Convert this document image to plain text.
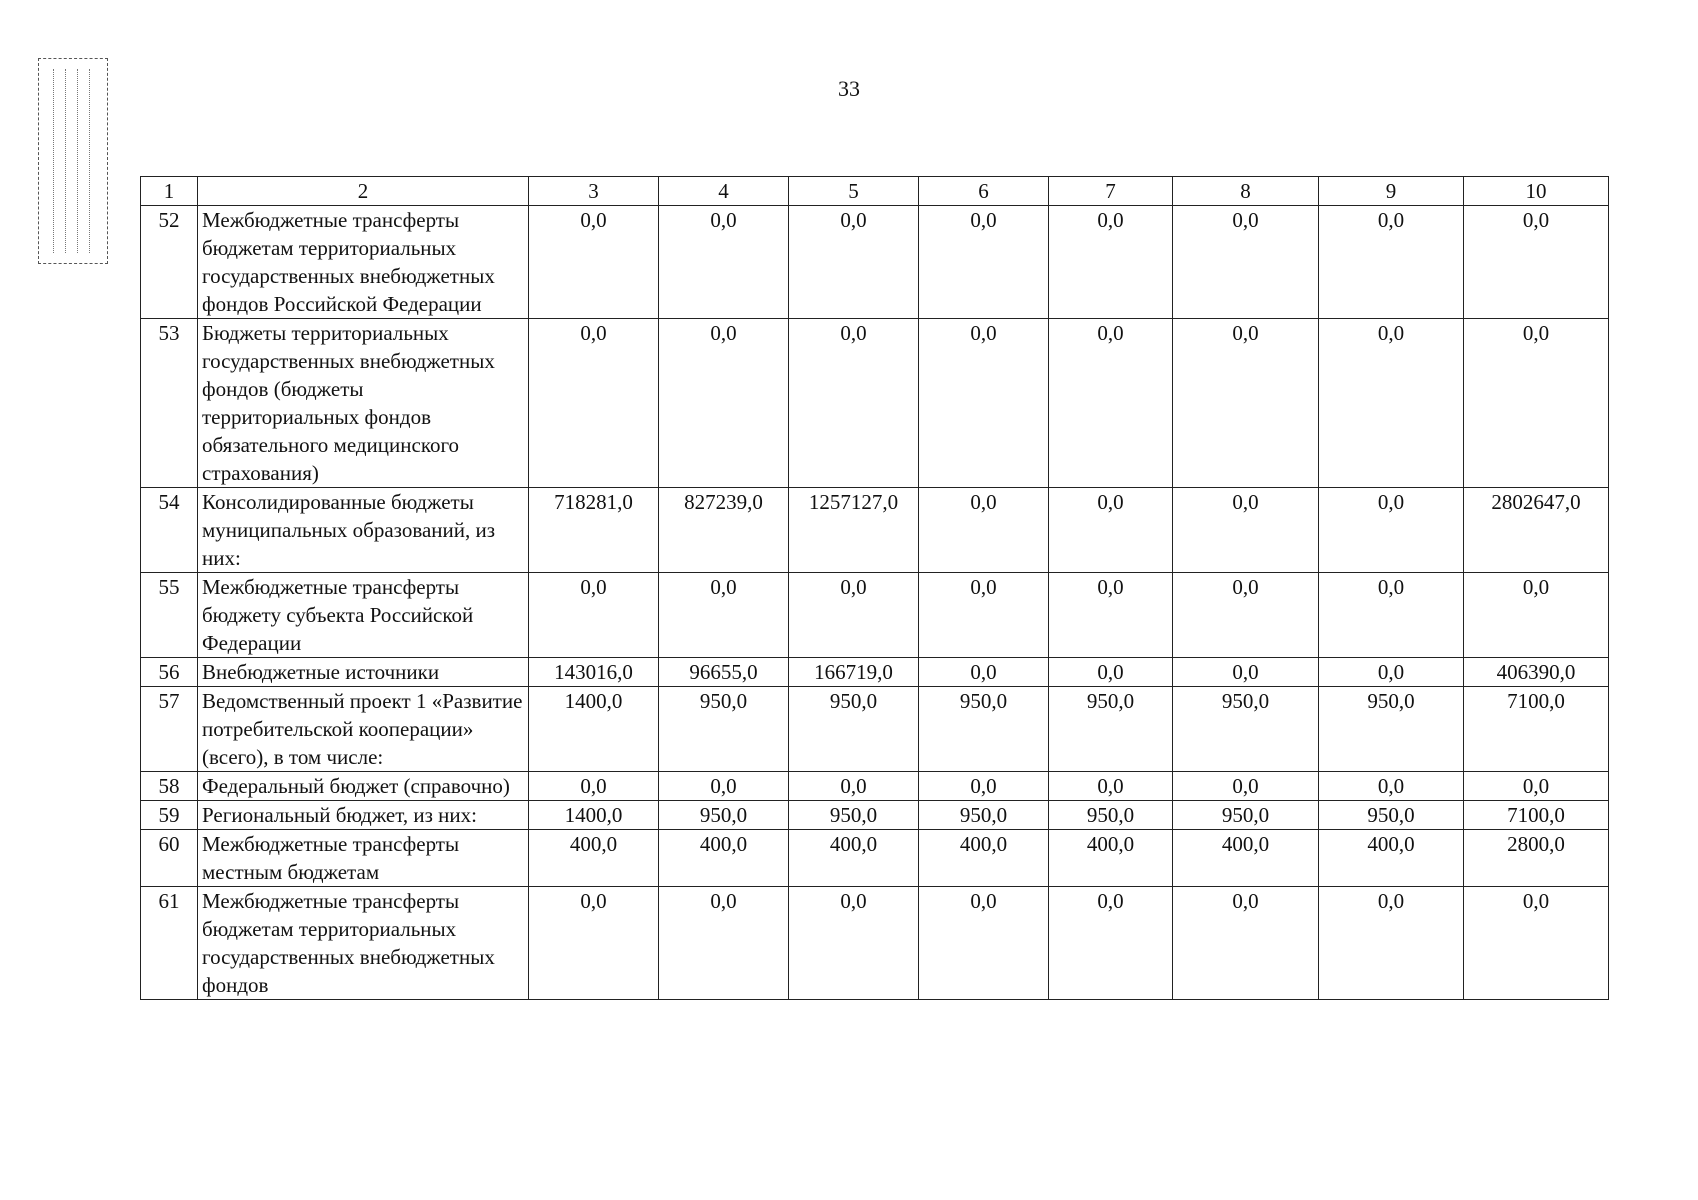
33
1	2	3	4	5	6	7	8	9	10
52	Межбюджетные трансферты бюджетам территориальных государственных внебюджетных фондов Российской Федерации	0,0	0,0	0,0	0,0	0,0	0,0	0,0	0,0
53	Бюджеты территориальных государственных внебюджетных фондов (бюджеты территориальных фондов обязательного медицинского страхования)	0,0	0,0	0,0	0,0	0,0	0,0	0,0	0,0
54	Консолидированные бюджеты муниципальных образований, из них:	718281,0	827239,0	1257127,0	0,0	0,0	0,0	0,0	2802647,0
55	Межбюджетные трансферты бюджету субъекта Российской Федерации	0,0	0,0	0,0	0,0	0,0	0,0	0,0	0,0
56	Внебюджетные источники	143016,0	96655,0	166719,0	0,0	0,0	0,0	0,0	406390,0
57	Ведомственный проект 1 «Развитие потребительской кооперации» (всего), в том числе:	1400,0	950,0	950,0	950,0	950,0	950,0	950,0	7100,0
58	Федеральный бюджет (справочно)	0,0	0,0	0,0	0,0	0,0	0,0	0,0	0,0
59	Региональный бюджет, из них:	1400,0	950,0	950,0	950,0	950,0	950,0	950,0	7100,0
60	Межбюджетные трансферты местным бюджетам	400,0	400,0	400,0	400,0	400,0	400,0	400,0	2800,0
61	Межбюджетные трансферты бюджетам территориальных государственных внебюджетных фондов	0,0	0,0	0,0	0,0	0,0	0,0	0,0	0,0
